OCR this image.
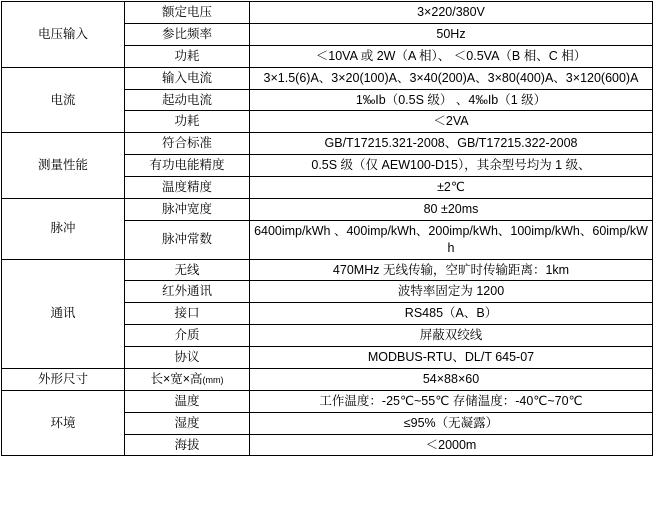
电压输入	额定电压	3×220/380V
	参比频率	50Hz
	功耗	＜10VA 或 2W（A 相）、 ＜0.5VA（B 相、C 相）
电流	输入电流	3×1.5(6)A、3×20(100)A、3×40(200)A、3×80(400)A、3×120(600)A
	起动电流	1‰Ib（0.5S 级） 、4‰Ib（1 级）
	功耗	＜2VA
测量性能	符合标准	GB/T17215.321-2008、GB/T17215.322-2008
	有功电能精度	0.5S 级（仅 AEW100-D15），其余型号均为 1 级、
	温度精度	±2℃
脉冲	脉冲宽度	80 ±20ms
	脉冲常数	6400imp/kWh 、400imp/kWh、200imp/kWh、100imp/kWh、60imp/kWh
通讯	无线	470MHz 无线传输，空旷时传输距离：1km
	红外通讯	波特率固定为 1200
	接口	RS485（A、B）
	介质	屏蔽双绞线
	协议	MODBUS-RTU、DL/T 645-07
外形尺寸	长×宽×高(mm)	54×88×60
环境	温度	工作温度：-25℃~55℃ 存储温度：-40℃~70℃
	湿度	≤95%（无凝露）
	海拔	＜2000m
